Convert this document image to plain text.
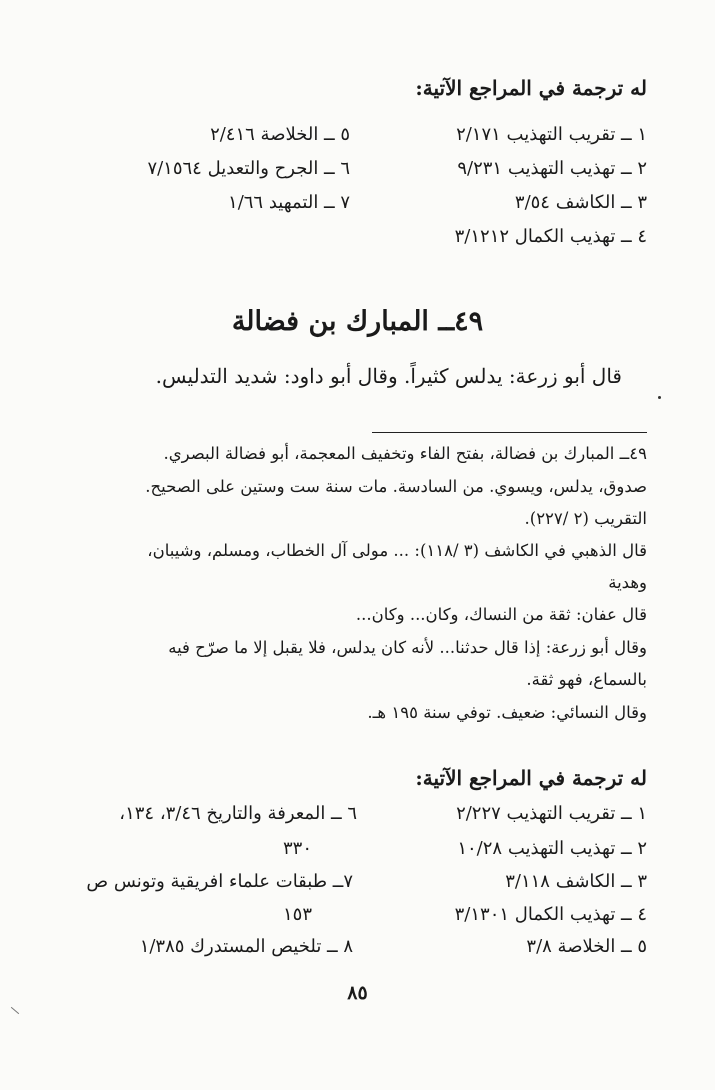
له ترجمة في المراجع الآتية:
١ ــ تقريب التهذيب ٢/١٧١
٢ ــ تهذيب التهذيب ٩/٢٣١
٣ ــ الكاشف ٣/٥٤
٤ ــ تهذيب الكمال ٣/١٢١٢
٥ ــ الخلاصة ٢/٤١٦
٦ ــ الجرح والتعديل ٧/١٥٦٤
٧ ــ التمهيد ١/٦٦
٤٩ــ المبارك بن فضالة
قال أبو زرعة: يدلس كثيراً. وقال أبو داود: شديد التدليس.
٤٩ــ المبارك بن فضالة، بفتح الفاء وتخفيف المعجمة، أبو فضالة البصري.
صدوق، يدلس، ويسوي. من السادسة. مات سنة ست وستين على الصحيح.
التقريب (٢ /٢٢٧).
قال الذهبي في الكاشف (٣ /١١٨): ... مولى آل الخطاب، ومسلم، وشيبان،
وهدية
قال عفان: ثقة من النساك، وكان... وكان...
وقال أبو زرعة: إذا قال حدثنا... لأنه كان يدلس، فلا يقبل إلا ما صرّح فيه
بالسماع، فهو ثقة.
وقال النسائي: ضعيف. توفي سنة ١٩٥ هـ.
له ترجمة في المراجع الآتية:
١ ــ تقريب التهذيب ٢/٢٢٧
٢ ــ تهذيب التهذيب ١٠/٢٨
٣ ــ الكاشف ٣/١١٨
٤ ــ تهذيب الكمال ٣/١٣٠١
٥ ــ الخلاصة ٣/٨
٦ ــ المعرفة والتاريخ ٣/٤٦، ١٣٤،
٣٣٠
٧ــ طبقات علماء افريقية وتونس ص
١٥٣
٨ ــ تلخيص المستدرك ١/٣٨٥
٨٥
